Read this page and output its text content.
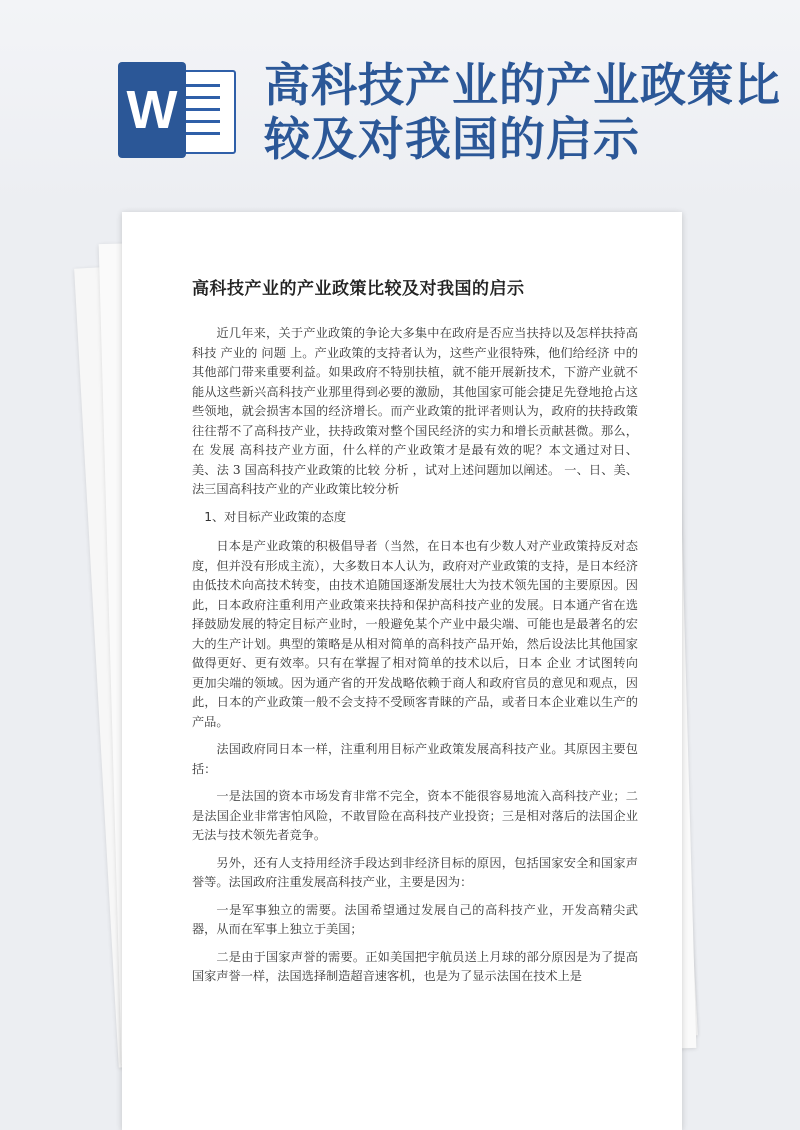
W 高科技产业的产业政策比较及对我国的启示
高科技产业的产业政策比较及对我国的启示

近几年来，关于产业政策的争论大多集中在政府是否应当扶持以及怎样扶持高 科技 产业的 问题 上。产业政策的支持者认为，这些产业很特殊，他们给经济 中的其他部门带来重要利益。如果政府不特别扶植，就不能开展新技术，下游产业就不能从这些新兴高科技产业那里得到必要的激励，其他国家可能会捷足先登地抢占这些领地，就会损害本国的经济增长。而产业政策的批评者则认为，政府的扶持政策往往帮不了高科技产业，扶持政策对整个国民经济的实力和增长贡献甚微。那么，在 发展 高科技产业方面，什么样的产业政策才是最有效的呢？本文通过对日、美、法 3 国高科技产业政策的比较 分析 ，试对上述问题加以阐述。 一、日、美、法三国高科技产业的产业政策比较分析

1、对目标产业政策的态度

日本是产业政策的积极倡导者（当然，在日本也有少数人对产业政策持反对态度，但并没有形成主流），大多数日本人认为，政府对产业政策的支持，是日本经济由低技术向高技术转变，由技术追随国逐渐发展壮大为技术领先国的主要原因。因此，日本政府注重利用产业政策来扶持和保护高科技产业的发展。日本通产省在选择鼓励发展的特定目标产业时，一般避免某个产业中最尖端、可能也是最著名的宏大的生产计划。典型的策略是从相对简单的高科技产品开始，然后设法比其他国家做得更好、更有效率。只有在掌握了相对简单的技术以后，日本 企业 才试图转向更加尖端的领域。因为通产省的开发战略依赖于商人和政府官员的意见和观点，因此，日本的产业政策一般不会支持不受顾客青睐的产品，或者日本企业难以生产的产品。

法国政府同日本一样，注重利用目标产业政策发展高科技产业。其原因主要包括：

一是法国的资本市场发育非常不完全，资本不能很容易地流入高科技产业；二是法国企业非常害怕风险，不敢冒险在高科技产业投资；三是相对落后的法国企业无法与技术领先者竞争。

另外，还有人支持用经济手段达到非经济目标的原因，包括国家安全和国家声誉等。法国政府注重发展高科技产业，主要是因为：

一是军事独立的需要。法国希望通过发展自己的高科技产业，开发高精尖武器，从而在军事上独立于美国；

二是由于国家声誉的需要。正如美国把宇航员送上月球的部分原因是为了提高国家声誉一样，法国选择制造超音速客机，也是为了显示法国在技术上是
